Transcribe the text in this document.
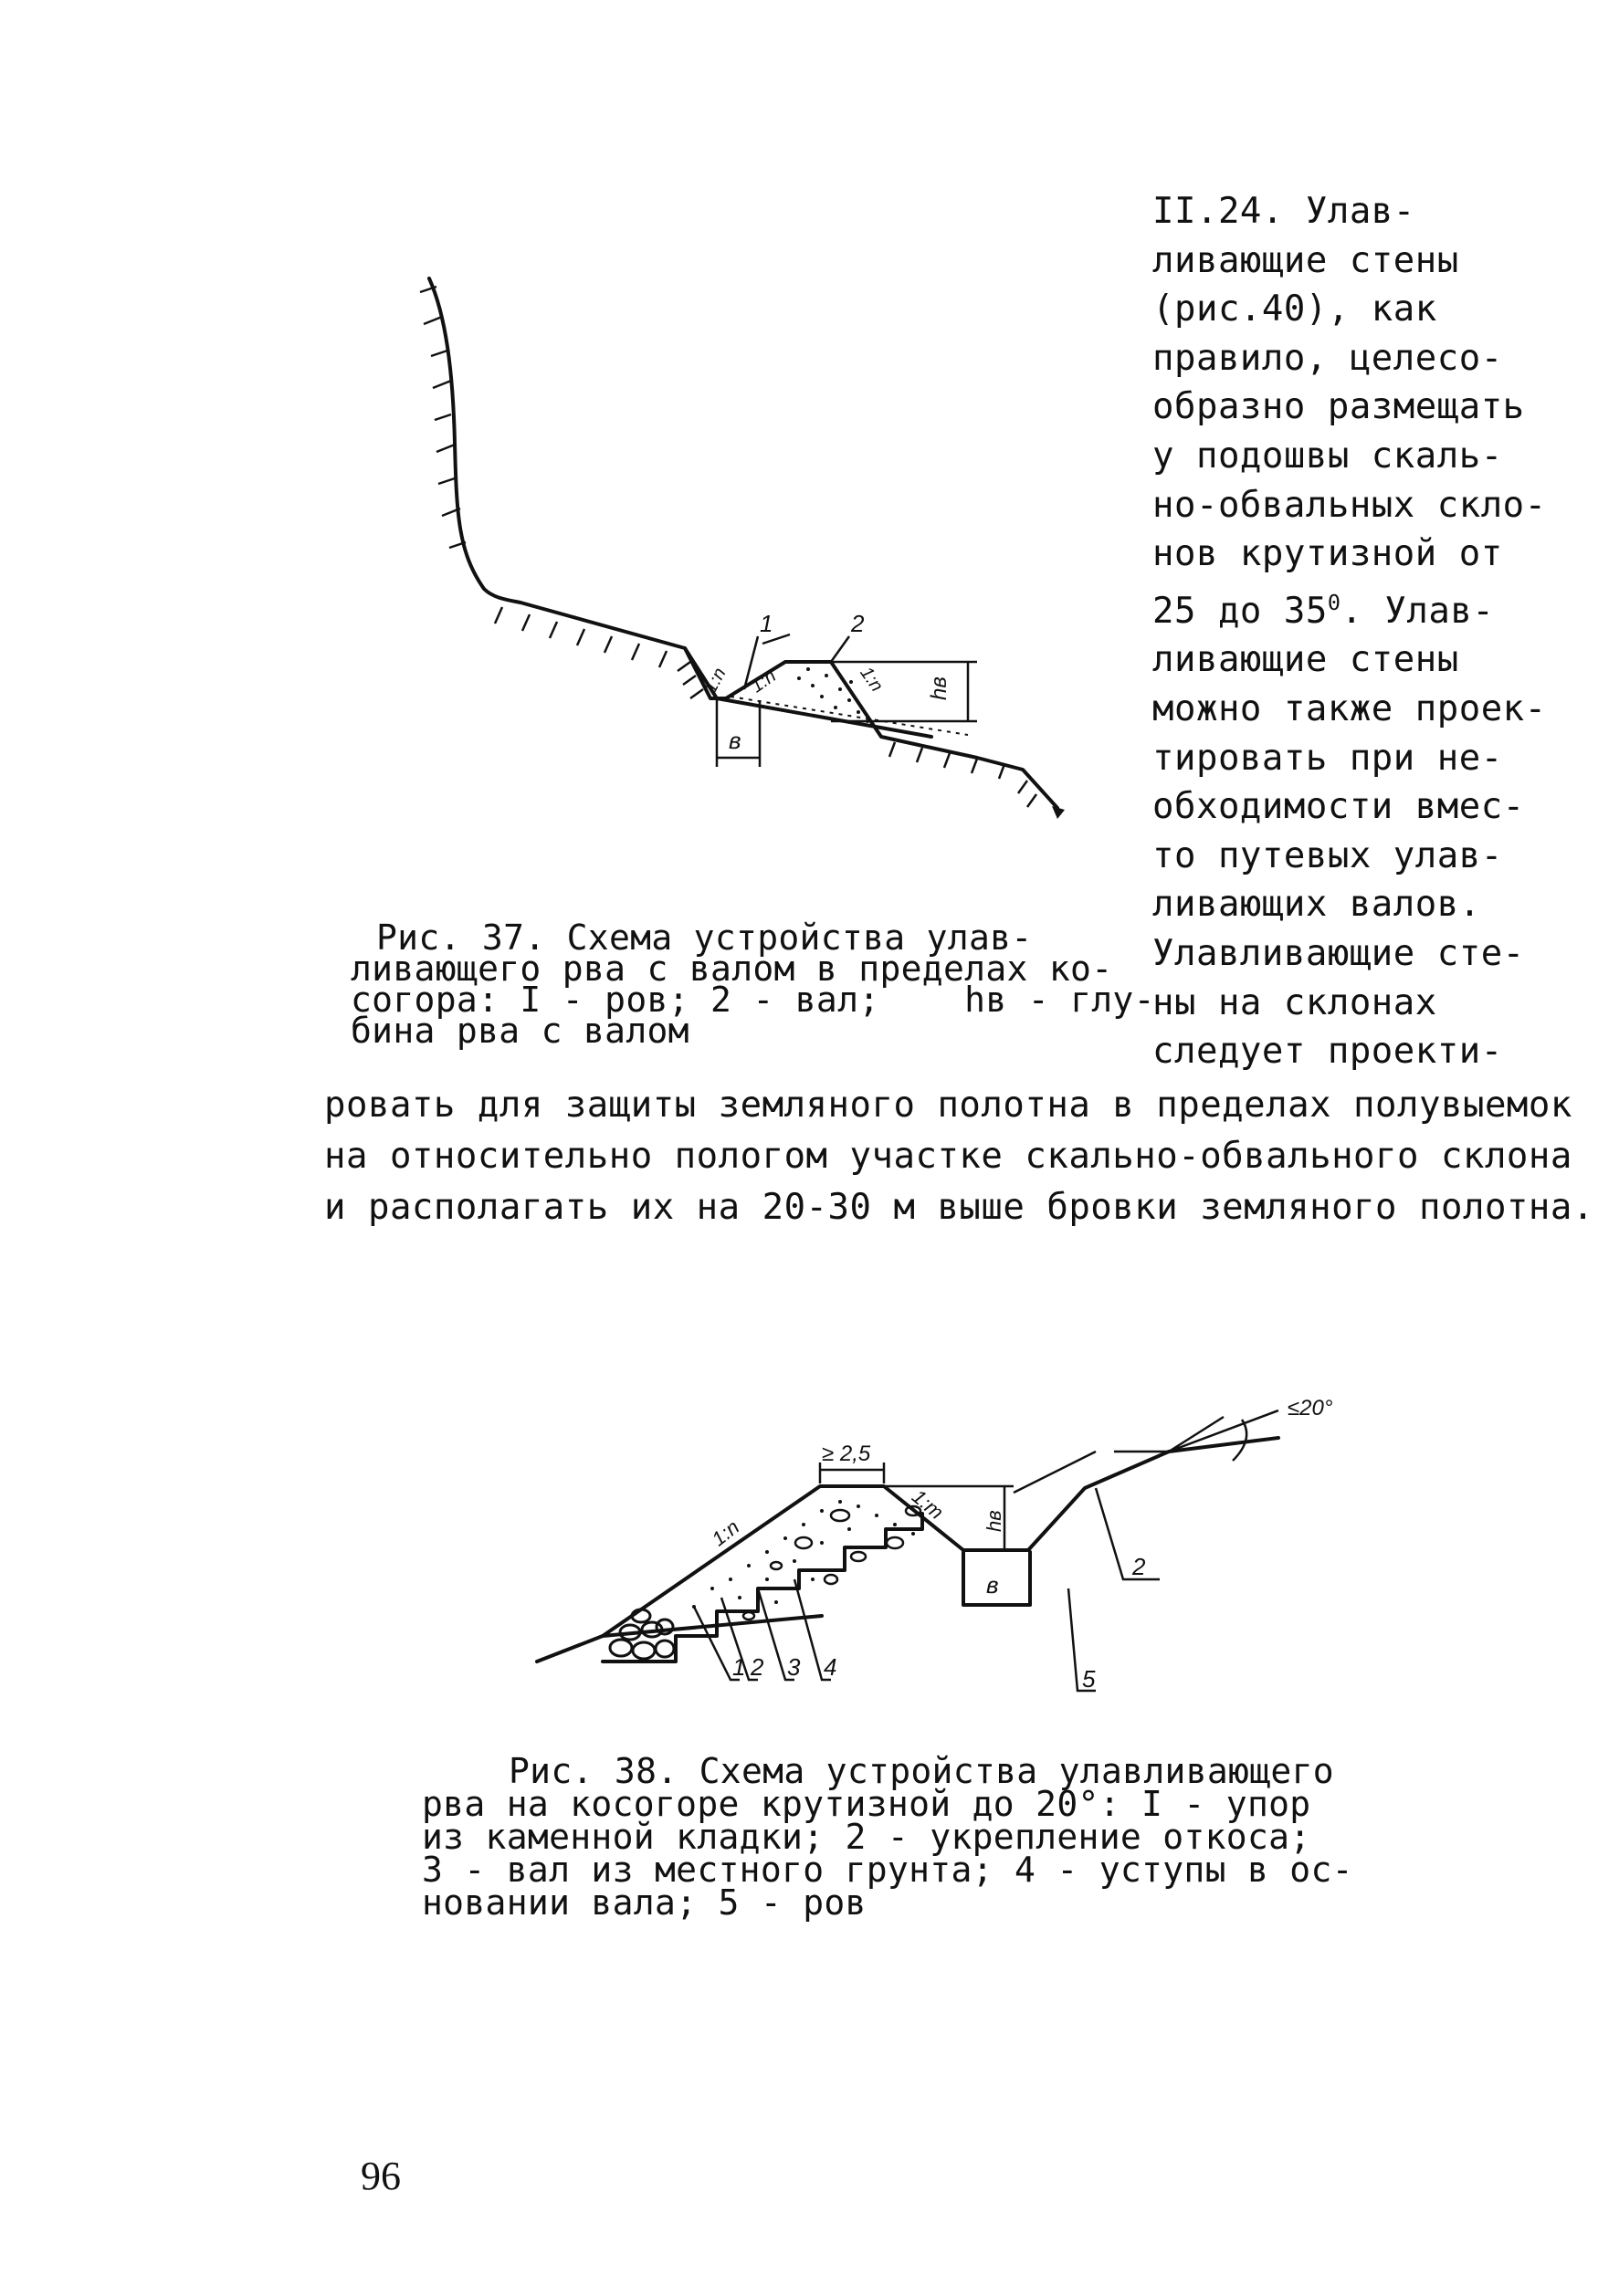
II.24. Улав-
ливающие стены
(рис.40), как
правило, целесо-
образно размещать
у подошвы скаль-
но-обвальных скло-
нов крутизной от
25 до $35^0$. Улав-
ливающие стены
можно также проек-
тировать при не-
обходимости вмес-
то путевых улав-
ливающих валов.
Улавливающие сте-
ны на склонах
следует проекти-
1	2
1:n 1:n	1:n hв
в
Рис. 37. Схема устройства улав-
ливающего рва с валом в пределах ко-
согора: I - ров; 2 - вал; hв - глу-
бина рва с валом
ровать для защиты земляного полотна в пределах полувыемок
на относительно пологом участке скально-обвального склона
и располагать их на 20-30 м выше бровки земляного полотна.
≥ 2,5
≤20°
1:n
1:m hв
в
1 2 3 4	5
2
Рис. 38. Схема устройства улавливающего
рва на косогоре крутизной до 20°: I - упор
из каменной кладки; 2 - укрепление откоса;
3 - вал из местного грунта; 4 - уступы в ос-
новании вала; 5 - ров
96
